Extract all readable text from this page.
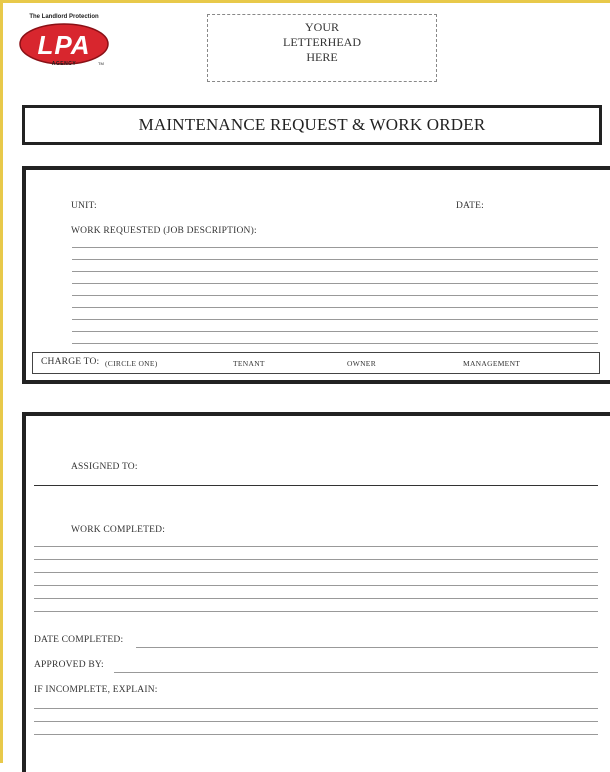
The Landlord Protection
LPA
AGENCY	TM
YOUR
LETTERHEAD
HERE
MAINTENANCE REQUEST & WORK ORDER
UNIT:	DATE:
WORK REQUESTED (JOB DESCRIPTION):
CHARGE TO: (CIRCLE ONE)	TENANT	OWNER	MANAGEMENT
ASSIGNED TO:
WORK COMPLETED:
DATE COMPLETED:
APPROVED BY:
IF INCOMPLETE, EXPLAIN:
